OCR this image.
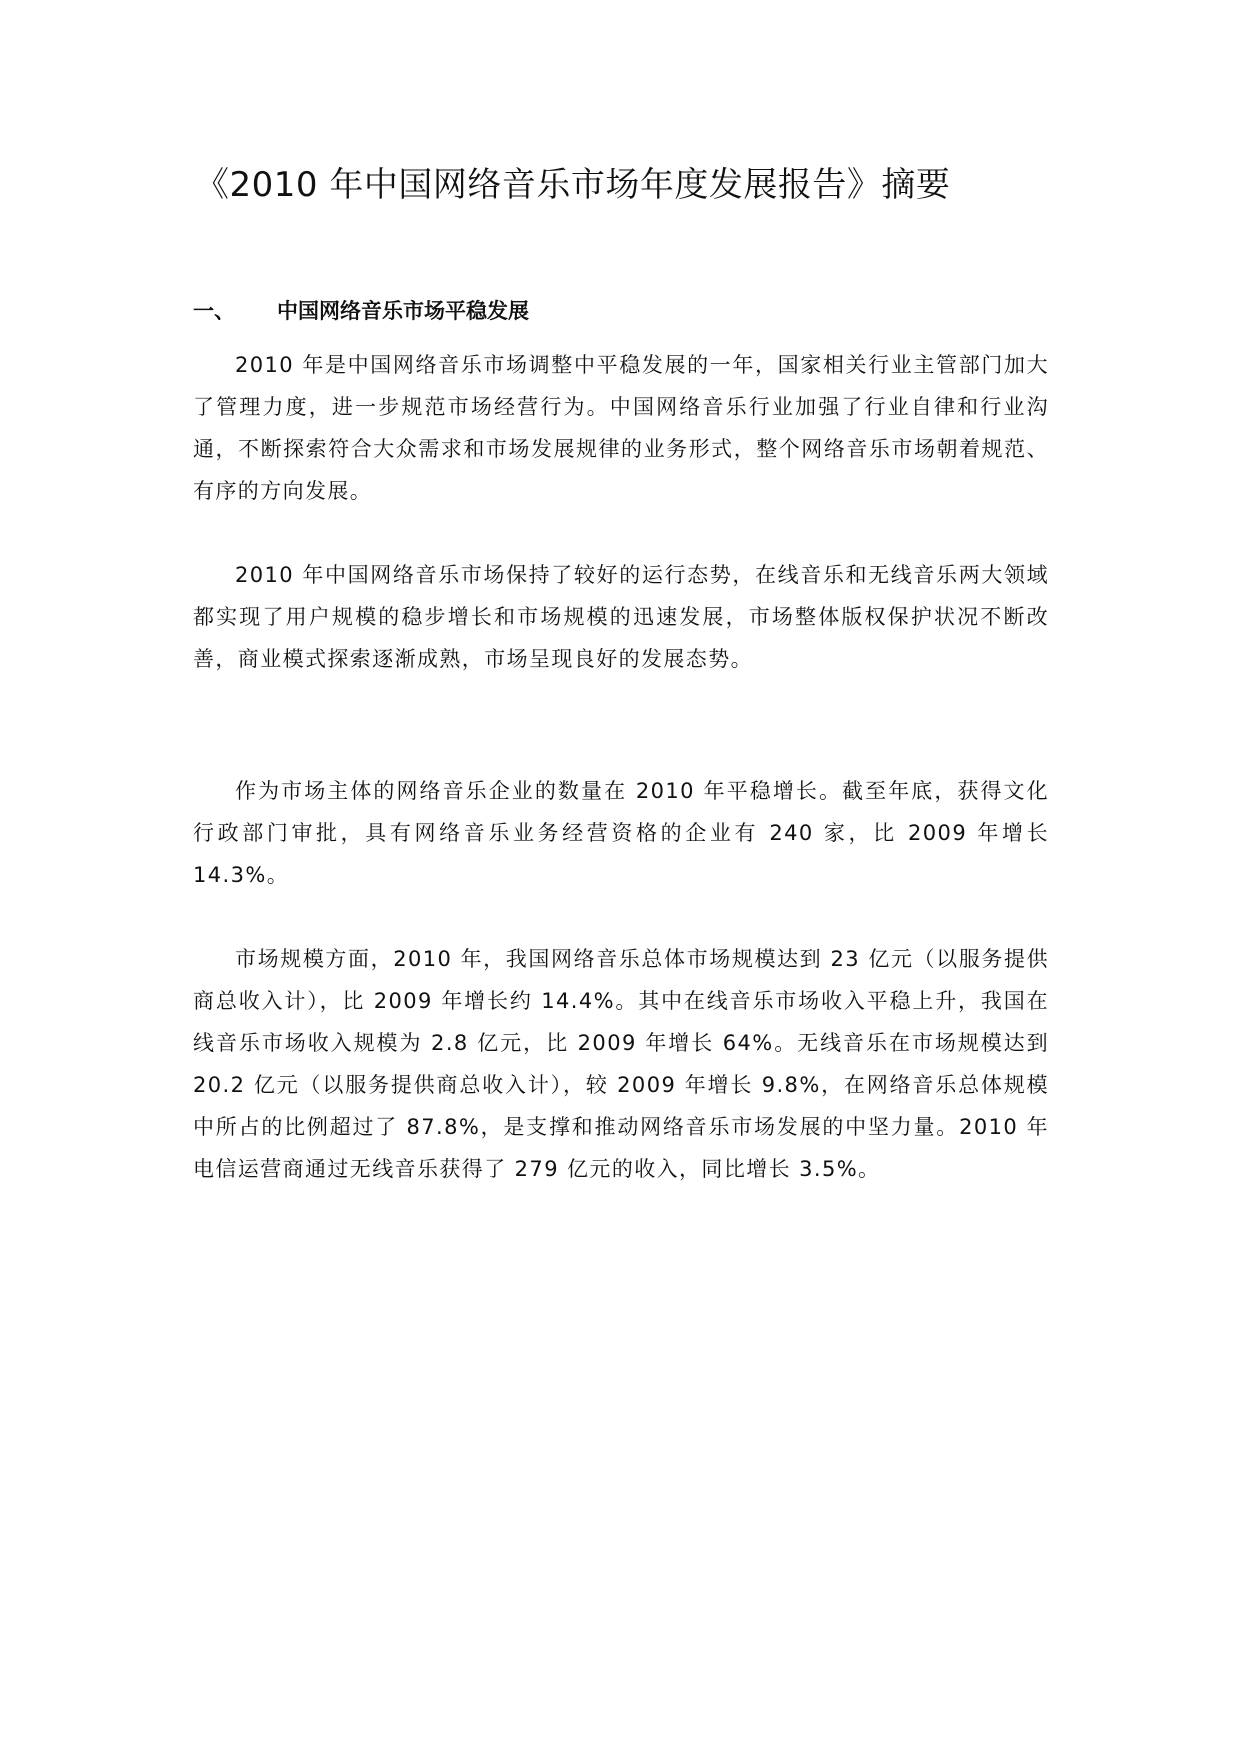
《2010 年中国网络音乐市场年度发展报告》摘要
一、 中国网络音乐市场平稳发展

2010 年是中国网络音乐市场调整中平稳发展的一年，国家相关行业主管部门加大了管理力度，进一步规范市场经营行为。中国网络音乐行业加强了行业自律和行业沟通，不断探索符合大众需求和市场发展规律的业务形式，整个网络音乐市场朝着规范、有序的方向发展。

2010 年中国网络音乐市场保持了较好的运行态势，在线音乐和无线音乐两大领域都实现了用户规模的稳步增长和市场规模的迅速发展，市场整体版权保护状况不断改善，商业模式探索逐渐成熟，市场呈现良好的发展态势。

作为市场主体的网络音乐企业的数量在 2010 年平稳增长。截至年底，获得文化行政部门审批，具有网络音乐业务经营资格的企业有 240 家，比 2009 年增长 14.3%。

市场规模方面，2010 年，我国网络音乐总体市场规模达到 23 亿元（以服务提供商总收入计），比 2009 年增长约 14.4%。其中在线音乐市场收入平稳上升，我国在线音乐市场收入规模为 2.8 亿元，比 2009 年增长 64%。无线音乐在市场规模达到 20.2 亿元（以服务提供商总收入计），较 2009 年增长 9.8%，在网络音乐总体规模中所占的比例超过了 87.8%，是支撑和推动网络音乐市场发展的中坚力量。2010 年电信运营商通过无线音乐获得了 279 亿元的收入，同比增长 3.5%。
